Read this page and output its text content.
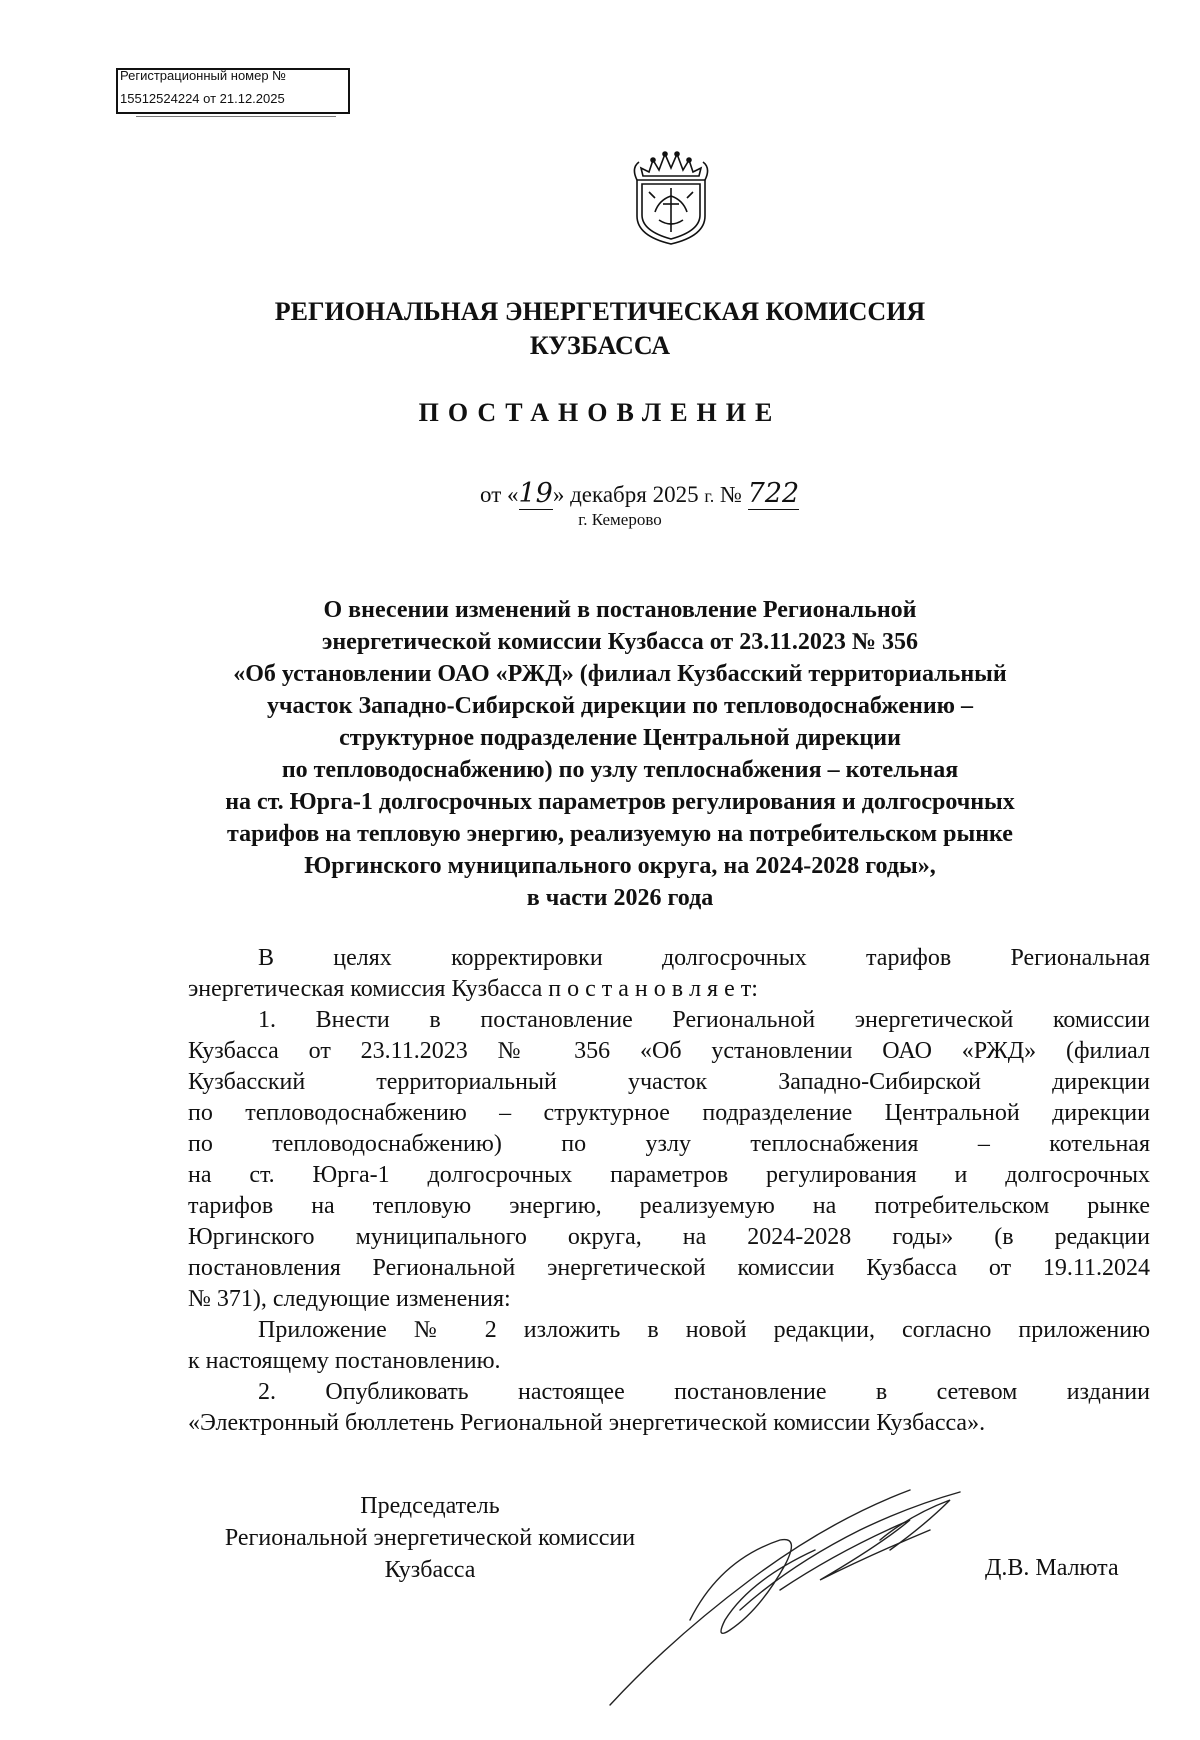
Регистрационный номер №
15512524224 от 21.12.2025
РЕГИОНАЛЬНАЯ ЭНЕРГЕТИЧЕСКАЯ КОМИССИЯ
КУЗБАССА
ПОСТАНОВЛЕНИЕ
от «19» декабря 2025 г. № 722
г. Кемерово
О внесении изменений в постановление Региональной
энергетической комиссии Кузбасса от 23.11.2023 № 356
«Об установлении ОАО «РЖД» (филиал Кузбасский территориальный
участок Западно-Сибирской дирекции по тепловодоснабжению –
структурное подразделение Центральной дирекции
по тепловодоснабжению) по узлу теплоснабжения – котельная
на ст. Юрга-1 долгосрочных параметров регулирования и долгосрочных
тарифов на тепловую энергию, реализуемую на потребительском рынке
Юргинского муниципального округа, на 2024-2028 годы»,
в части 2026 года
В целях корректировки долгосрочных тарифов Региональная
энергетическая комиссия Кузбасса п о с т а н о в л я е т:
1. Внести в постановление Региональной энергетической комиссии
Кузбасса от 23.11.2023 № 356 «Об установлении ОАО «РЖД» (филиал
Кузбасский территориальный участок Западно-Сибирской дирекции
по тепловодоснабжению – структурное подразделение Центральной дирекции
по тепловодоснабжению) по узлу теплоснабжения – котельная
на ст. Юрга-1 долгосрочных параметров регулирования и долгосрочных
тарифов на тепловую энергию, реализуемую на потребительском рынке
Юргинского муниципального округа, на 2024-2028 годы» (в редакции
постановления Региональной энергетической комиссии Кузбасса от 19.11.2024
№ 371), следующие изменения:
Приложение № 2 изложить в новой редакции, согласно приложению
к настоящему постановлению.
2. Опубликовать настоящее постановление в сетевом издании
«Электронный бюллетень Региональной энергетической комиссии Кузбасса».
Председатель
Региональной энергетической комиссии
Кузбасса	Д.В. Малюта
